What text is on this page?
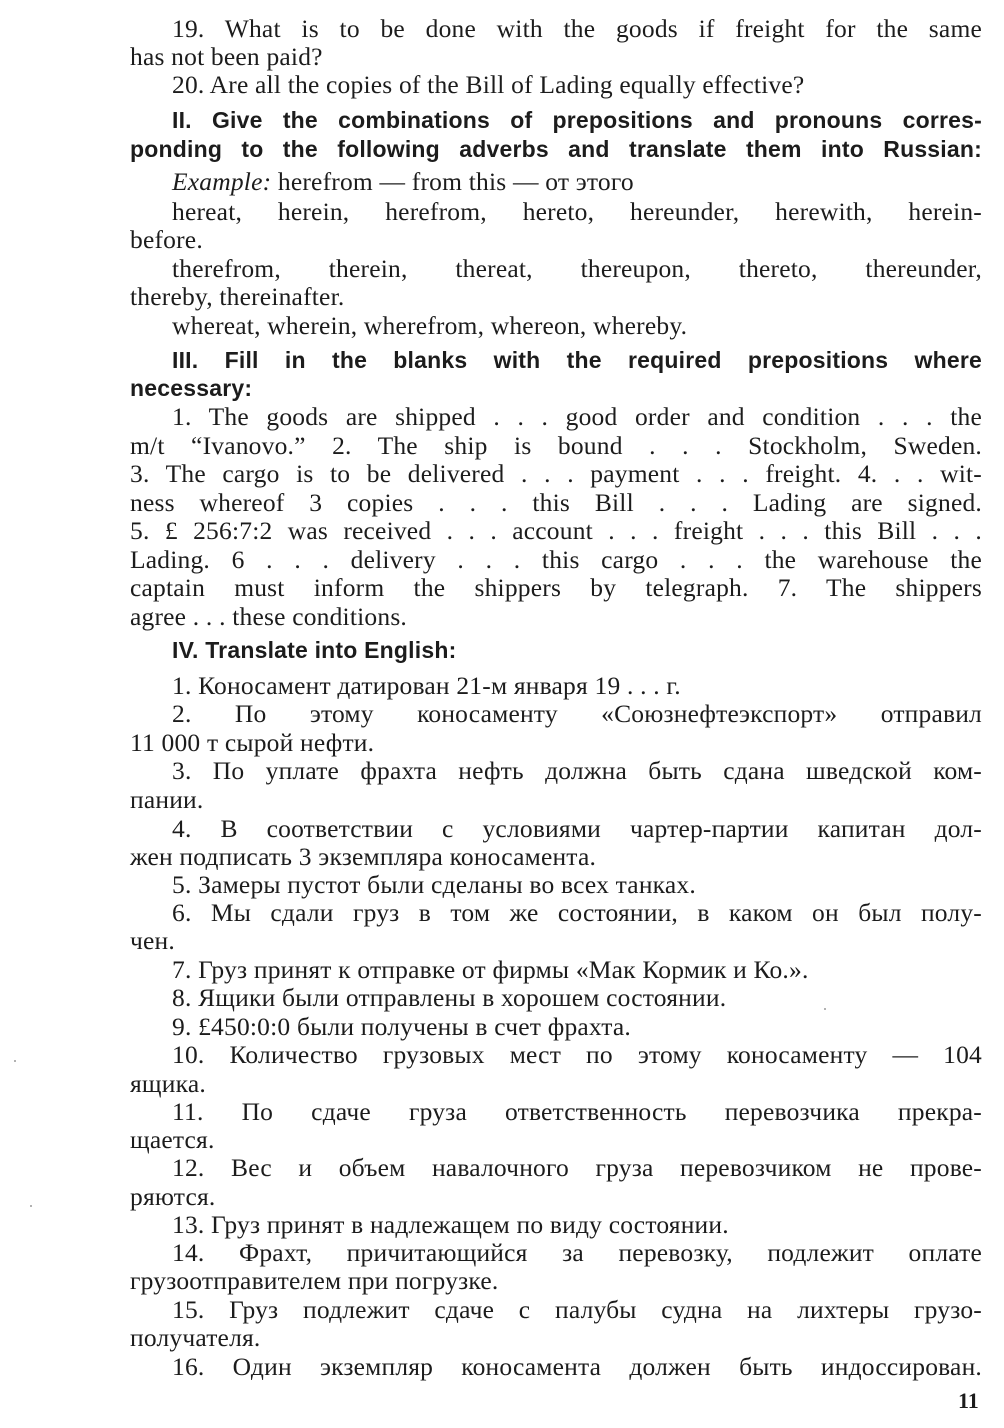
19. What is to be done with the goods if freight for the same
has not been paid?
20. Are all the copies of the Bill of Lading equally effective?
II. Give the combinations of prepositions and pronouns corres-
ponding to the following adverbs and translate them into Russian:
Example: herefrom — from this — от этого
hereat, herein, herefrom, hereto, hereunder, herewith, herein-
before.
therefrom, therein, thereat, thereupon, thereto, thereunder,
thereby, thereinafter.
whereat, wherein, wherefrom, whereon, whereby.
III. Fill in the blanks with the required prepositions where
necessary:
1. The goods are shipped . . . good order and condition . . . the
m/t “Ivanovo.” 2. The ship is bound . . . Stockholm, Sweden.
3. The cargo is to be delivered . . . payment . . . freight. 4. . . wit-
ness whereof 3 copies . . . this Bill . . . Lading are signed.
5. £ 256:7:2 was received . . . account . . . freight . . . this Bill . . .
Lading. 6 . . . delivery . . . this cargo . . . the warehouse the
captain must inform the shippers by telegraph. 7. The shippers
agree . . . these conditions.
IV. Translate into English:
1. Коносамент датирован 21-м января 19 . . . г.
2. По этому коносаменту «Союзнефтеэкспорт» отправил
11 000 т сырой нефти.
3. По уплате фрахта нефть должна быть сдана шведской ком-
пании.
4. В соответствии с условиями чартер-партии капитан дол-
жен подписать 3 экземпляра коносамента.
5. Замеры пустот были сделаны во всех танках.
6. Мы сдали груз в том же состоянии, в каком он был полу-
чен.
7. Груз принят к отправке от фирмы «Мак Кормик и Ко.».
8. Ящики были отправлены в хорошем состоянии.
9. £450:0:0 были получены в счет фрахта.
10. Количество грузовых мест по этому коносаменту — 104
ящика.
11. По сдаче груза ответственность перевозчика прекра-
щается.
12. Вес и объем навалочного груза перевозчиком не прове-
ряются.
13. Груз принят в надлежащем по виду состоянии.
14. Фрахт, причитающийся за перевозку, подлежит оплате
грузоотправителем при погрузке.
15. Груз подлежит сдаче с палубы судна на лихтеры грузо-
получателя.
16. Один экземпляр коносамента должен быть индоссирован.
11
